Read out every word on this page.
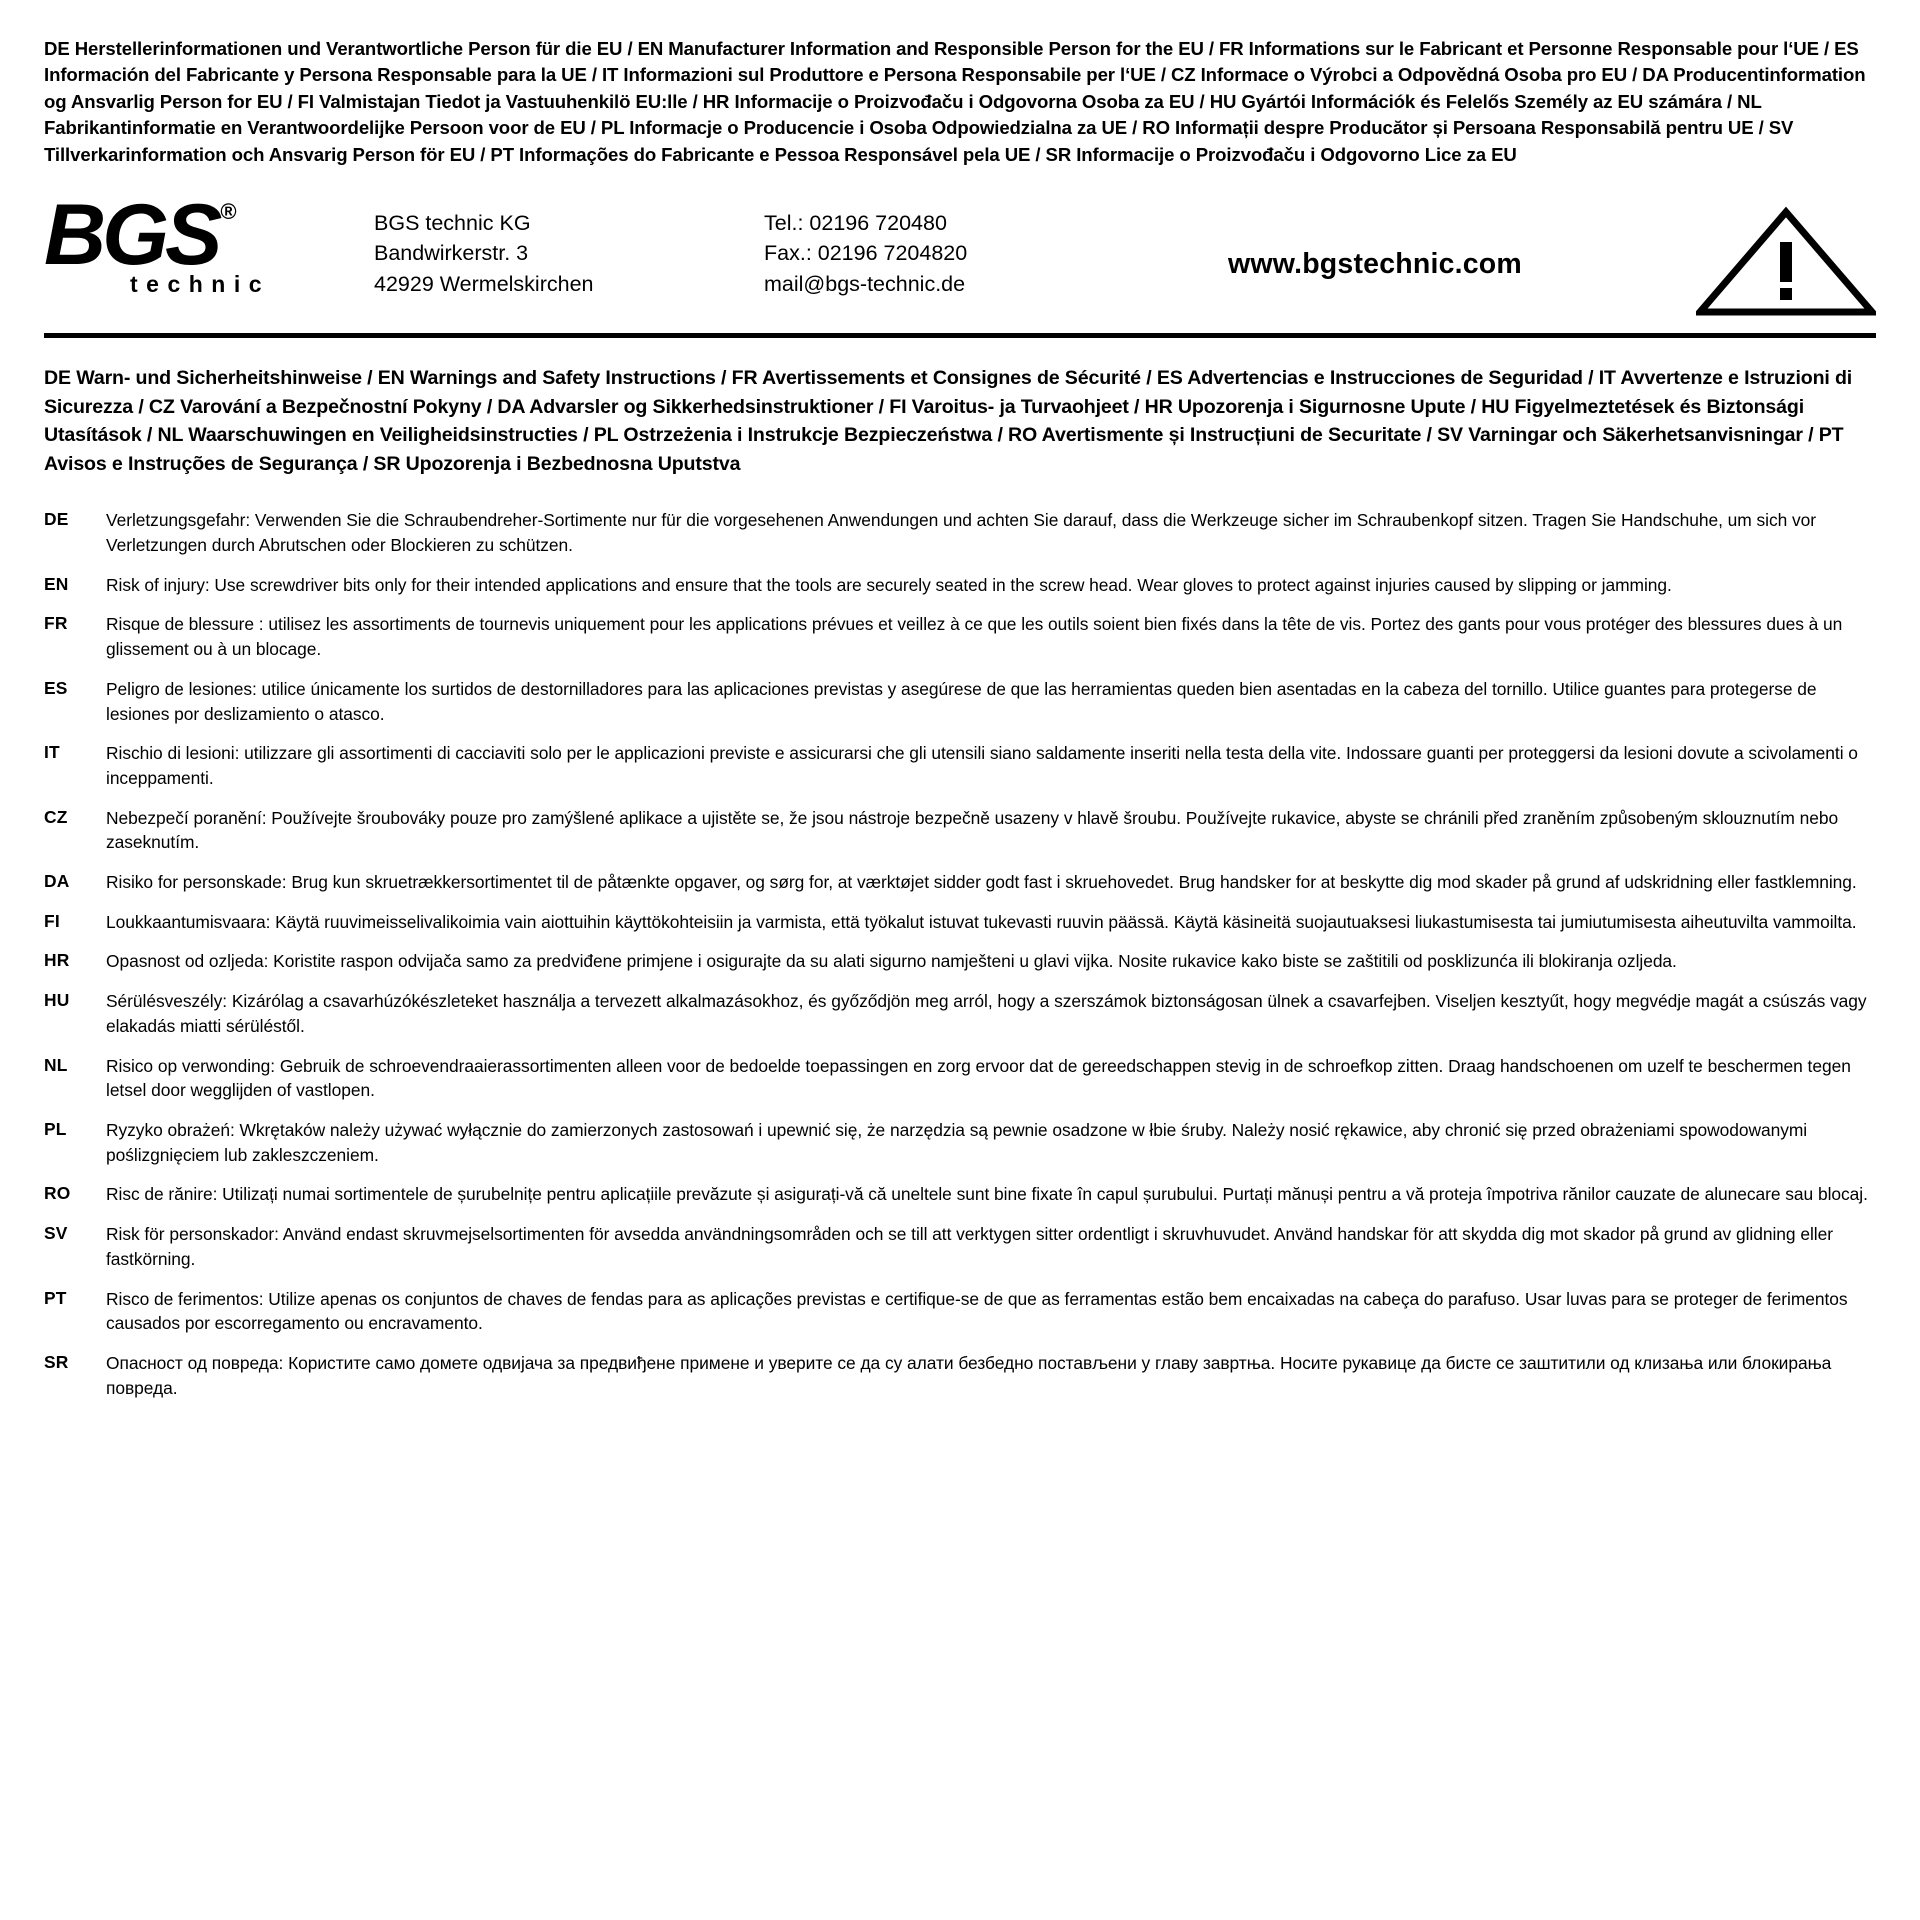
DE Herstellerinformationen und Verantwortliche Person für die EU / EN Manufacturer Information and Responsible Person for the EU / FR Informations sur le Fabricant et Personne Responsable pour l‘UE / ES Información del Fabricante y Persona Responsable para la UE / IT Informazioni sul Produttore e Persona Responsabile per l‘UE / CZ Informace o Výrobci a Odpovědná Osoba pro EU / DA Producentinformation og Ansvarlig Person for EU / FI Valmistajan Tiedot ja Vastuuhenkilö EU:lle / HR Informacije o Proizvođaču i Odgovorna Osoba za EU / HU Gyártói Információk és Felelős Személy az EU számára / NL Fabrikantinformatie en Verantwoordelijke Persoon voor de EU / PL Informacje o Producencie i Osoba Odpowiedzialna za UE / RO Informații despre Producător și Persoana Responsabilă pentru UE / SV Tillverkarinformation och Ansvarig Person för EU / PT Informações do Fabricante e Pessoa Responsável pela UE / SR Informacije o Proizvođaču i Odgovorno Lice za EU
BGS®
technic
BGS technic KG
Bandwirkerstr. 3
42929 Wermelskirchen
Tel.: 02196 720480
Fax.: 02196 7204820
mail@bgs-technic.de
www.bgstechnic.com
DE Warn- und Sicherheitshinweise / EN Warnings and Safety Instructions / FR Avertissements et Consignes de Sécurité / ES Advertencias e Instrucciones de Seguridad / IT Avvertenze e Istruzioni di Sicurezza / CZ Varování a Bezpečnostní Pokyny / DA Advarsler og Sikkerhedsinstruktioner / FI Varoitus- ja Turvaohjeet / HR Upozorenja i Sigurnosne Upute / HU Figyelmeztetések és Biztonsági Utasítások / NL Waarschuwingen en Veiligheidsinstructies / PL Ostrzeżenia i Instrukcje Bezpieczeństwa / RO Avertismente și Instrucțiuni de Securitate / SV Varningar och Säkerhetsanvisningar / PT Avisos e Instruções de Segurança / SR Upozorenja i Bezbednosna Uputstva
DE	Verletzungsgefahr: Verwenden Sie die Schraubendreher-Sortimente nur für die vorgesehenen Anwendungen und achten Sie darauf, dass die Werkzeuge sicher im Schraubenkopf sitzen. Tragen Sie Handschuhe, um sich vor Verletzungen durch Abrutschen oder Blockieren zu schützen.
EN	Risk of injury: Use screwdriver bits only for their intended applications and ensure that the tools are securely seated in the screw head. Wear gloves to protect against injuries caused by slipping or jamming.
FR	Risque de blessure : utilisez les assortiments de tournevis uniquement pour les applications prévues et veillez à ce que les outils soient bien fixés dans la tête de vis. Portez des gants pour vous protéger des blessures dues à un glissement ou à un blocage.
ES	Peligro de lesiones: utilice únicamente los surtidos de destornilladores para las aplicaciones previstas y asegúrese de que las herramientas queden bien asentadas en la cabeza del tornillo. Utilice guantes para protegerse de lesiones por deslizamiento o atasco.
IT	Rischio di lesioni: utilizzare gli assortimenti di cacciaviti solo per le applicazioni previste e assicurarsi che gli utensili siano saldamente inseriti nella testa della vite. Indossare guanti per proteggersi da lesioni dovute a scivolamenti o inceppamenti.
CZ	Nebezpečí poranění: Používejte šroubováky pouze pro zamýšlené aplikace a ujistěte se, že jsou nástroje bezpečně usazeny v hlavě šroubu. Používejte rukavice, abyste se chránili před zraněním způsobeným sklouznutím nebo zaseknutím.
DA	Risiko for personskade: Brug kun skruetrækkersortimentet til de påtænkte opgaver, og sørg for, at værktøjet sidder godt fast i skruehovedet. Brug handsker for at beskytte dig mod skader på grund af udskridning eller fastklemning.
FI	Loukkaantumisvaara: Käytä ruuvimeisselivalikoimia vain aiottuihin käyttökohteisiin ja varmista, että työkalut istuvat tukevasti ruuvin päässä. Käytä käsineitä suojautuaksesi liukastumisesta tai jumiutumisesta aiheutuvilta vammoilta.
HR	Opasnost od ozljeda: Koristite raspon odvijača samo za predviđene primjene i osigurajte da su alati sigurno namješteni u glavi vijka. Nosite rukavice kako biste se zaštitili od posklizunća ili blokiranja ozljeda.
HU	Sérülésveszély: Kizárólag a csavarhúzókészleteket használja a tervezett alkalmazásokhoz, és győződjön meg arról, hogy a szerszámok biztonságosan ülnek a csavarfejben. Viseljen kesztyűt, hogy megvédje magát a csúszás vagy elakadás miatti sérüléstől.
NL	Risico op verwonding: Gebruik de schroevendraaierassortimenten alleen voor de bedoelde toepassingen en zorg ervoor dat de gereedschappen stevig in de schroefkop zitten. Draag handschoenen om uzelf te beschermen tegen letsel door wegglijden of vastlopen.
PL	Ryzyko obrażeń: Wkrętaków należy używać wyłącznie do zamierzonych zastosowań i upewnić się, że narzędzia są pewnie osadzone w łbie śruby. Należy nosić rękawice, aby chronić się przed obrażeniami spowodowanymi poślizgnięciem lub zakleszczeniem.
RO	Risc de rănire: Utilizați numai sortimentele de șurubelnițe pentru aplicațiile prevăzute și asigurați-vă că uneltele sunt bine fixate în capul șurubului. Purtați mănuși pentru a vă proteja împotriva rănilor cauzate de alunecare sau blocaj.
SV	Risk för personskador: Använd endast skruvmejselsortimenten för avsedda användningsområden och se till att verktygen sitter ordentligt i skruvhuvudet. Använd handskar för att skydda dig mot skador på grund av glidning eller fastkörning.
PT	Risco de ferimentos: Utilize apenas os conjuntos de chaves de fendas para as aplicações previstas e certifique-se de que as ferramentas estão bem encaixadas na cabeça do parafuso. Usar luvas para se proteger de ferimentos causados por escorregamento ou encravamento.
SR	Опасност од повреда: Користите само домете одвијача за предвиђене примене и уверите се да су алати безбедно постављени у главу завртња. Носите рукавице да бисте се заштитили од клизања или блокирања повреда.
